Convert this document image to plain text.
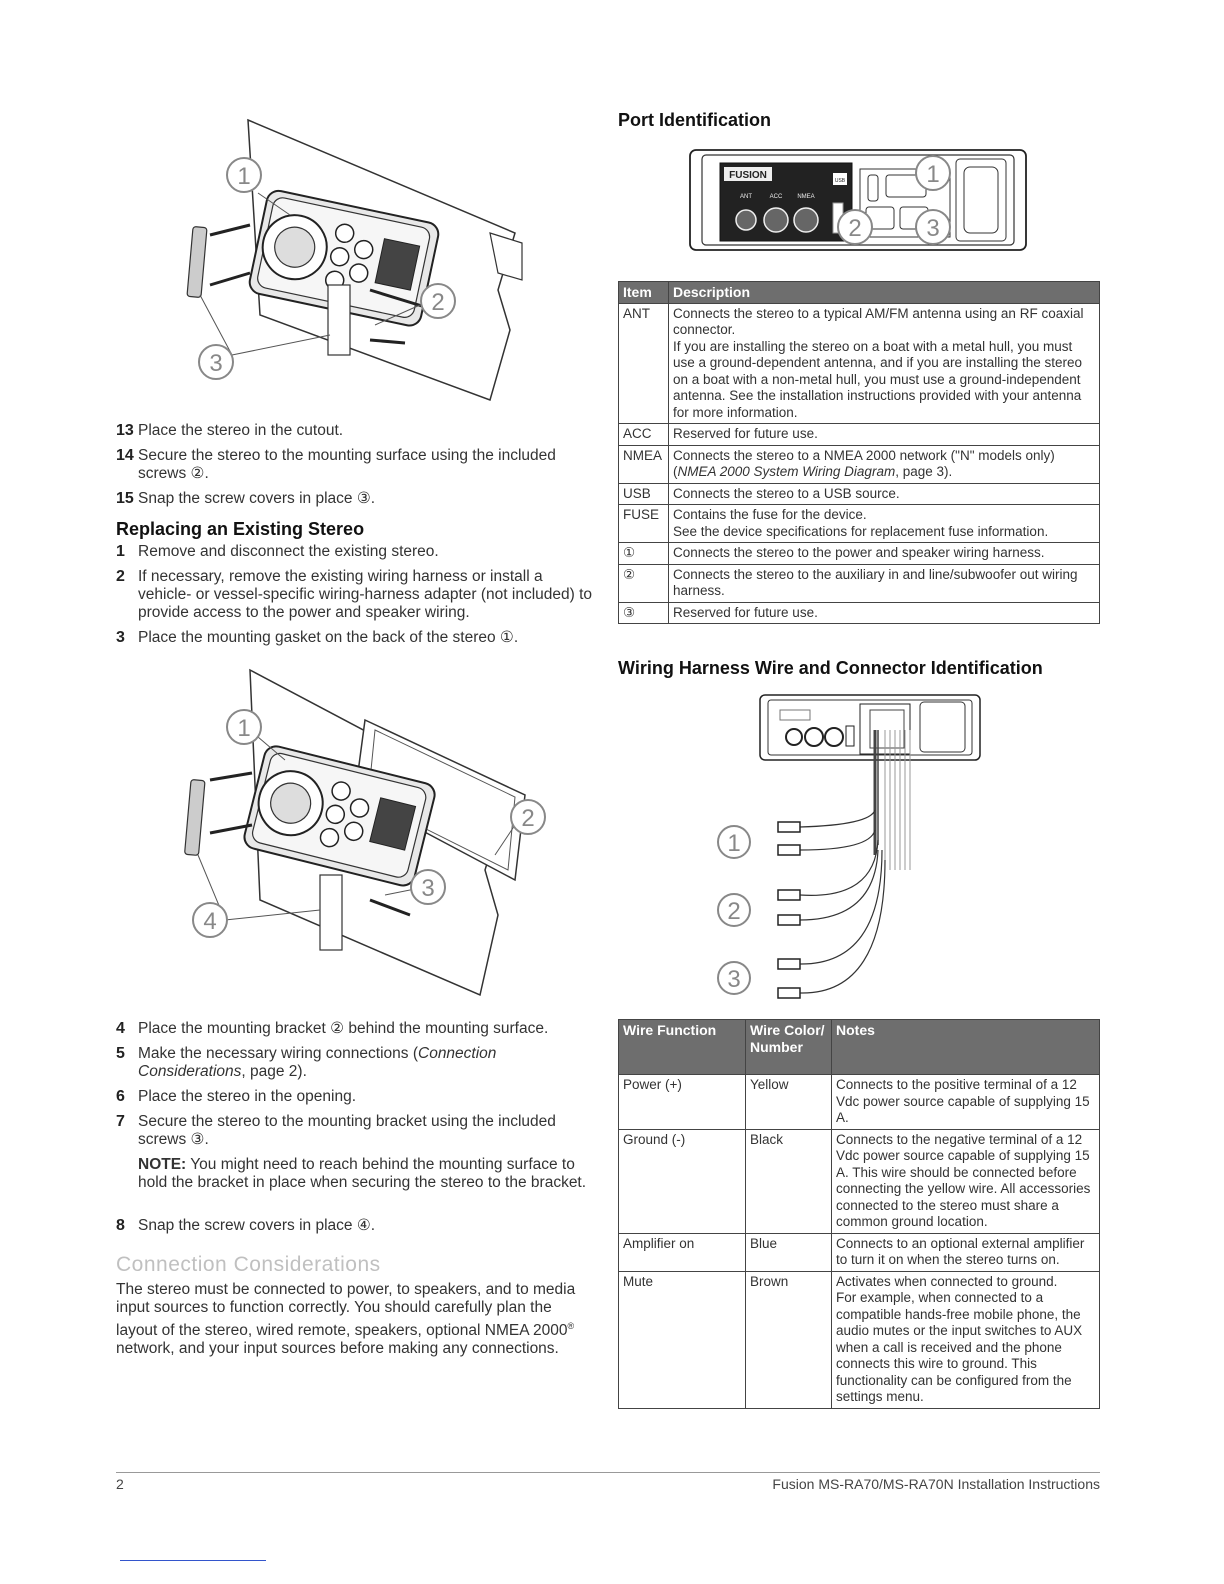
1
2
3
13 Place the stereo in the cutout.
14 Secure the stereo to the mounting surface using the included screws ②.
15 Snap the screw covers in place ③.
Replacing an Existing Stereo
1 Remove and disconnect the existing stereo.
2 If necessary, remove the existing wiring harness or install a vehicle- or vessel-specific wiring-harness adapter (not included) to provide access to the power and speaker wiring.
3 Place the mounting gasket on the back of the stereo ①.
1
2
3
4
4 Place the mounting bracket ② behind the mounting surface.
5 Make the necessary wiring connections (Connection Considerations, page 2).
6 Place the stereo in the opening.
7 Secure the stereo to the mounting bracket using the included screws ③.
NOTE: You might need to reach behind the mounting surface to hold the bracket in place when securing the stereo to the bracket.
8 Snap the screw covers in place ④.
Connection Considerations
The stereo must be connected to power, to speakers, and to media input sources to function correctly. You should carefully plan the layout of the stereo, wired remote, speakers, optional NMEA 2000® network, and your input sources before making any connections.
Port Identification
FUSION
ANT	ACC NMEA
USB	1
2	3
Item	Description
ANT	Connects the stereo to a typical AM/FM antenna using an RF coaxial connector.

If you are installing the stereo on a boat with a metal hull, you must use a ground-dependent antenna, and if you are installing the stereo on a boat with a non-metal hull, you must use a ground-independent antenna. See the installation instructions provided with your antenna for more information.

ACC	Reserved for future use.

NMEA	Connects the stereo to a NMEA 2000 network ("N" models only) (NMEA 2000 System Wiring Diagram, page 3).
USB	Connects the stereo to a USB source.

FUSE	Contains the fuse for the device.

See the device specifications for replacement fuse information.

①	Connects the stereo to the power and speaker wiring harness.

②	Connects the stereo to the auxiliary in and line/subwoofer out wiring harness.

③	Reserved for future use.

Wiring Harness Wire and Connector Identification
1
2
3
Wire Function	Wire Color/ Number	Notes
Power (+)	Yellow	Connects to the positive terminal of a 12 Vdc power source capable of supplying 15 A.

Ground (-)	Black	Connects to the negative terminal of a 12 Vdc power source capable of supplying 15 A. This wire should be connected before connecting the yellow wire. All accessories connected to the stereo must share a common ground location.

Amplifier on	Blue	Connects to an optional external amplifier to turn it on when the stereo turns on.

Mute	Brown	Activates when connected to ground.

For example, when connected to a compatible hands-free mobile phone, the audio mutes or the input switches to AUX when a call is received and the phone connects this wire to ground. This functionality can be configured from the settings menu.

2	Fusion MS-RA70/MS-RA70N Installation Instructions
